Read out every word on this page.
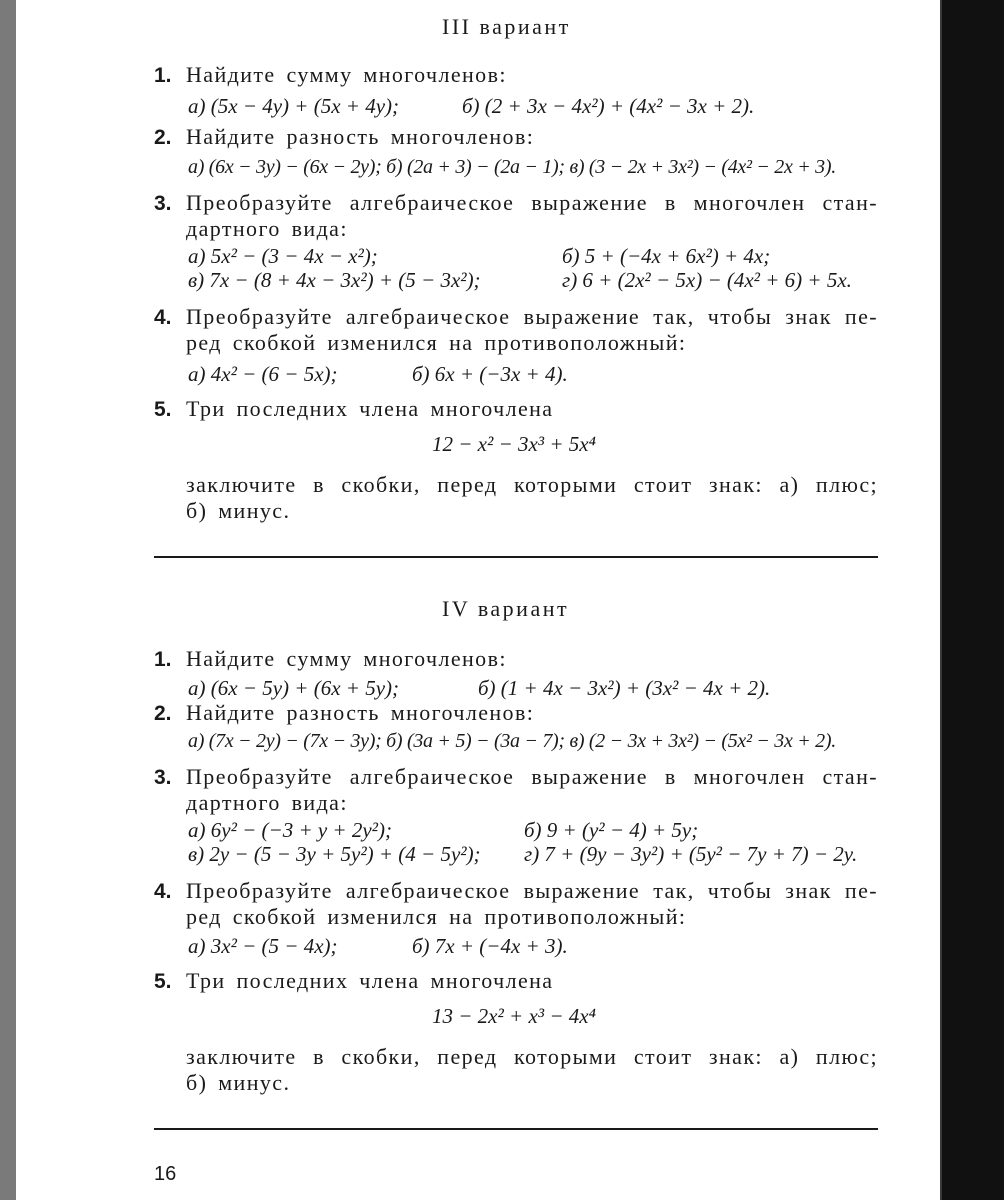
III вариант
1. Найдите сумму многочленов:
а) (5x − 4y) + (5x + 4y);	б) (2 + 3x − 4x²) + (4x² − 3x + 2).
2. Найдите разность многочленов:
а) (6x − 3y) − (6x − 2y); б) (2a + 3) − (2a − 1); в) (3 − 2x + 3x²) − (4x² − 2x + 3).
3. Преобразуйте алгебраическое выражение в многочлен стан-
дартного вида:
а) 5x² − (3 − 4x − x²);	б) 5 + (−4x + 6x²) + 4x;
в) 7x − (8 + 4x − 3x²) + (5 − 3x²);	г) 6 + (2x² − 5x) − (4x² + 6) + 5x.
4. Преобразуйте алгебраическое выражение так, чтобы знак пе-
ред скобкой изменился на противоположный:
а) 4x² − (6 − 5x);	б) 6x + (−3x + 4).
5. Три последних члена многочлена
12 − x² − 3x³ + 5x⁴
заключите в скобки, перед которыми стоит знак: а) плюс;
б) минус.
IV вариант
1. Найдите сумму многочленов:
а) (6x − 5y) + (6x + 5y);	б) (1 + 4x − 3x²) + (3x² − 4x + 2).
2. Найдите разность многочленов:
а) (7x − 2y) − (7x − 3y); б) (3a + 5) − (3a − 7); в) (2 − 3x + 3x²) − (5x² − 3x + 2).
3. Преобразуйте алгебраическое выражение в многочлен стан-
дартного вида:
а) 6y² − (−3 + y + 2y²);	б) 9 + (y² − 4) + 5y;
в) 2y − (5 − 3y + 5y²) + (4 − 5y²); г) 7 + (9y − 3y²) + (5y² − 7y + 7) − 2y.
4. Преобразуйте алгебраическое выражение так, чтобы знак пе-
ред скобкой изменился на противоположный:
а) 3x² − (5 − 4x);	б) 7x + (−4x + 3).
5. Три последних члена многочлена
13 − 2x² + x³ − 4x⁴
заключите в скобки, перед которыми стоит знак: а) плюс;
б) минус.
16
